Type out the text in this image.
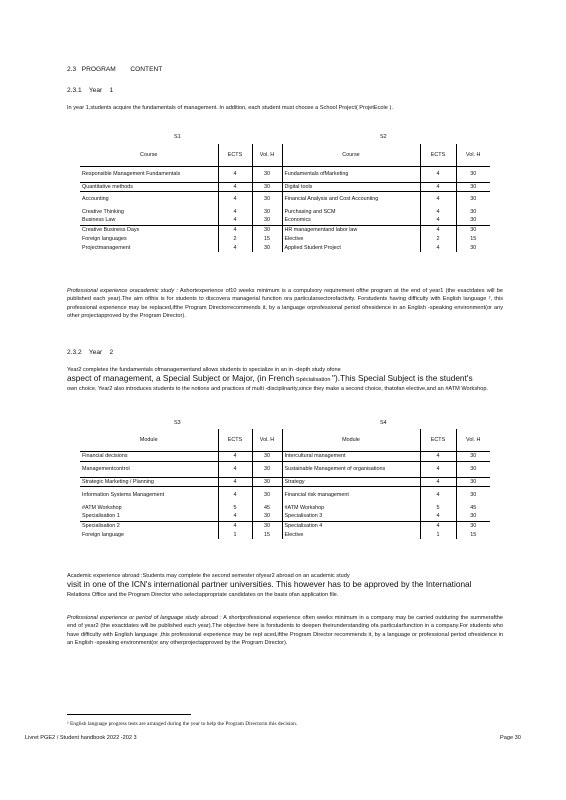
2.3 PROGRAM        CONTENT
2.3.1    Year    1
In year 1,students acquire the fundamentals of management. In addition, each student must choose a School Project( ProjetEcole ).
S1	S2
Course	ECTS	Vol. H	Course	ECTS	Vol. H
Responsible Management Fundamentals	4	30	Fundamentals ofMarketing	4	30
Quantitative methods	4	30	Digital tools	4	30
Accounting	4	30	Financial Analysis and Cost Accounting	4	30
Creative Thinking	4	30	Purchasing and SCM	4	30
Business Law	4	30	Economics	4	30
Creative Business Days	4	30	HR managementand labor law	4	30
Foreign languages	2	15	Elective	2	15
Projectmanagement	4	30	Applied Student Project	4	30
Professional experience oracademic study : Ashortexperience of10 weeks minimum is a compulsory requirement ofthe program at the end of year1 (the exactdates will be published each year).The aim ofthis is for students to discovera managerial function ora particularsectorofactivity. Forstudents having difficulty with English language ², this professional experience may be replaced,ifthe Program Directorrecommends it, by a language orprofessional period ofresidence in an English -speaking environment(or any other projectapproved by the Program Director).
2.3.2    Year    2
Year2 completes the fundamentals ofmanagementand allows students to specialize in an in -depth study ofone
aspect of management, a Special Subject or Major, (in French Spécialisation ").This Special Subject is the student's
own choice. Year2 also introduces students to the notions and practices of multi -disciplinarity,since they make a second choice, thatofan elective,and an #ATM Workshop.
S3	S4
Module	ECTS	Vol. H	Module	ECTS	Vol. H
Financial decisions	4	30	Intercultural management	4	30
Managementcontrol	4	30	Sustainable Management of organisations	4	30
Strategic Marketing / Planning	4	30	Strategy	4	30
Information Systems Management	4	30	Financial risk management	4	30
#ATM Workshop	5	45	#ATM Workshop	5	45
Specialisation 1	4	30	Specialisation 3	4	30
Specialisation 2	4	30	Specialisation 4	4	30
Foreign language	1	15	Elective	1	15
Academic experience abroad :Students may complete the second semester ofyear2 abroad on an academic study
visit in one of the ICN's international partner universities. This however has to be approved by the International
Relations Office and the Program Director who selectappropriate candidates on the basis ofan application file.
Professional experience or period of language study abroad : A shortprofessional experience often weeks minimum in a company may be carried outduring the summerafthe end of year2 (the exactdates will be published each year).The objective here is forstudents to deepen theirunderstanding ofa particularfunction in a company.For students who have difficulty with English language ,this professional experience may be repl aced,ifthe Program Director recommends it, by a language or professional period ofresidence in an English -speaking environment(or any otherprojectapproved by the Program Director).
² English language progress tests are arranged during the year to help the Program Directorin this decision.
Livret PGE2 / Student handbook 2022 -202 3	Page 30
